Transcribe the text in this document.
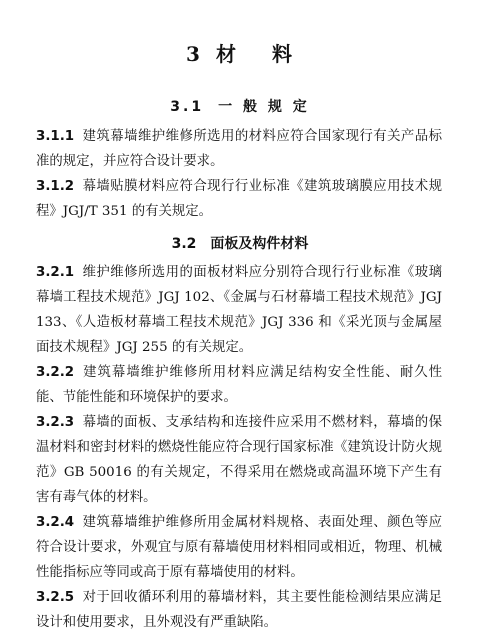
3 材 料
3.1 一 般 规 定

3.1.1 建筑幕墙维护维修所选用的材料应符合国家现行有关产品标准的规定，并应符合设计要求。

3.1.2 幕墙贴膜材料应符合现行行业标准《建筑玻璃膜应用技术规程》JGJ/T 351 的有关规定。

3.2 面板及构件材料

3.2.1 维护维修所选用的面板材料应分别符合现行行业标准《玻璃幕墙工程技术规范》JGJ 102、《金属与石材幕墙工程技术规范》JGJ 133、《人造板材幕墙工程技术规范》JGJ 336 和《采光顶与金属屋面技术规程》JGJ 255 的有关规定。

3.2.2 建筑幕墙维护维修所用材料应满足结构安全性能、耐久性能、节能性能和环境保护的要求。

3.2.3 幕墙的面板、支承结构和连接件应采用不燃材料，幕墙的保温材料和密封材料的燃烧性能应符合现行国家标准《建筑设计防火规范》GB 50016 的有关规定，不得采用在燃烧或高温环境下产生有害有毒气体的材料。

3.2.4 建筑幕墙维护维修所用金属材料规格、表面处理、颜色等应符合设计要求，外观宜与原有幕墙使用材料相同或相近，物理、机械性能指标应等同或高于原有幕墙使用的材料。

3.2.5 对于回收循环利用的幕墙材料，其主要性能检测结果应满足设计和使用要求，且外观没有严重缺陷。
